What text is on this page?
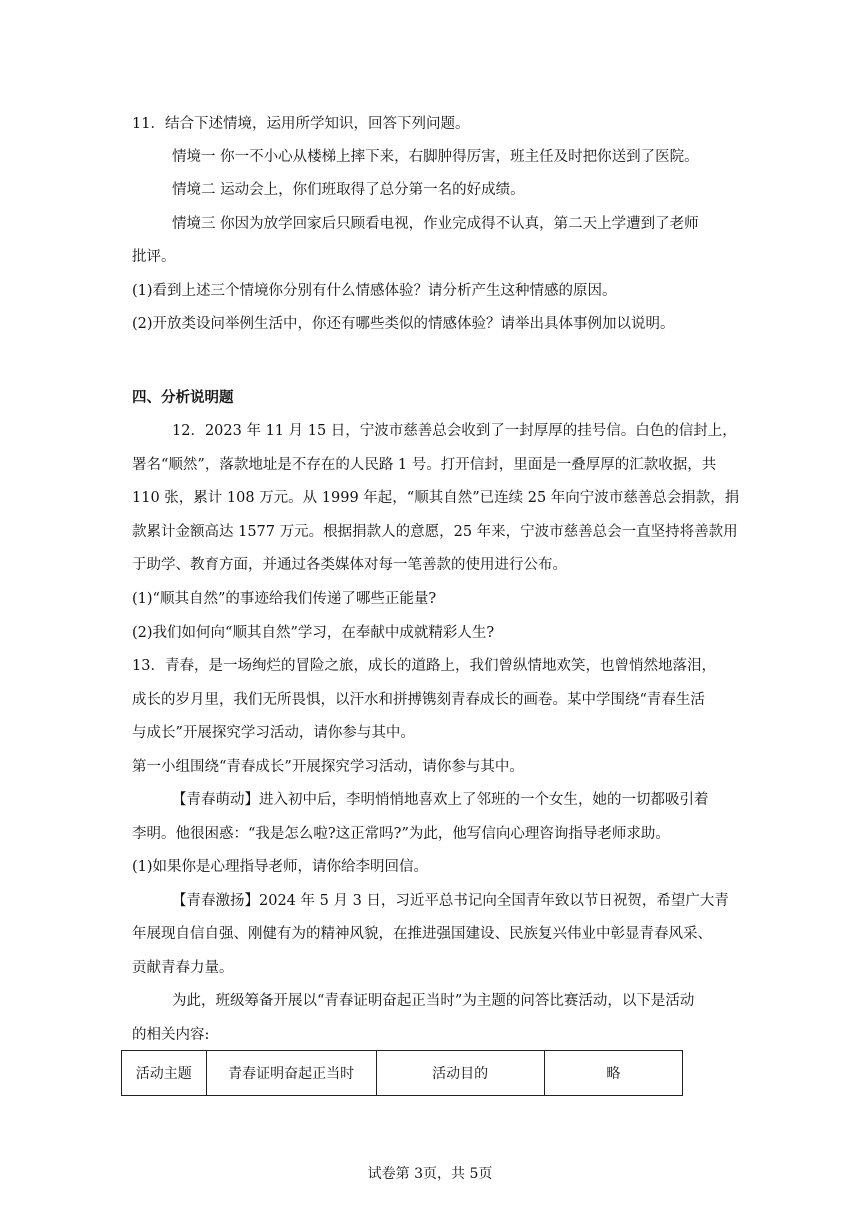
11．结合下述情境，运用所学知识，回答下列问题。
情境一 你一不小心从楼梯上摔下来，右脚肿得厉害，班主任及时把你送到了医院。
情境二 运动会上，你们班取得了总分第一名的好成绩。
情境三 你因为放学回家后只顾看电视，作业完成得不认真，第二天上学遭到了老师
批评。
(1)看到上述三个情境你分别有什么情感体验？请分析产生这种情感的原因。
(2)开放类设问举例生活中，你还有哪些类似的情感体验？请举出具体事例加以说明。
四、分析说明题
12．2023 年 11 月 15 日，宁波市慈善总会收到了一封厚厚的挂号信。白色的信封上，
署名“顺然”，落款地址是不存在的人民路 1 号。打开信封，里面是一叠厚厚的汇款收据，共
110 张，累计 108 万元。从 1999 年起，“顺其自然”已连续 25 年向宁波市慈善总会捐款，捐
款累计金额高达 1577 万元。根据捐款人的意愿，25 年来，宁波市慈善总会一直坚持将善款用
于助学、教育方面，并通过各类媒体对每一笔善款的使用进行公布。
(1)“顺其自然”的事迹给我们传递了哪些正能量?
(2)我们如何向“顺其自然”学习，在奉献中成就精彩人生?
13．青春，是一场绚烂的冒险之旅，成长的道路上，我们曾纵情地欢笑，也曾悄然地落泪，
成长的岁月里，我们无所畏惧，以汗水和拼搏镌刻青春成长的画卷。某中学围绕“青春生活
与成长”开展探究学习活动，请你参与其中。
第一小组围绕“青春成长”开展探究学习活动，请你参与其中。
【青春萌动】进入初中后，李明悄悄地喜欢上了邻班的一个女生，她的一切都吸引着
李明。他很困惑：“我是怎么啦?这正常吗?”为此，他写信向心理咨询指导老师求助。
(1)如果你是心理指导老师，请你给李明回信。
【青春激扬】2024 年 5 月 3 日，习近平总书记向全国青年致以节日祝贺，希望广大青
年展现自信自强、刚健有为的精神风貌，在推进强国建设、民族复兴伟业中彰显青春风采、
贡献青春力量。
为此，班级筹备开展以“青春证明奋起正当时”为主题的问答比赛活动，以下是活动
的相关内容:
活动主题	青春证明奋起正当时	活动目的	略
试卷第 3页，共 5页
